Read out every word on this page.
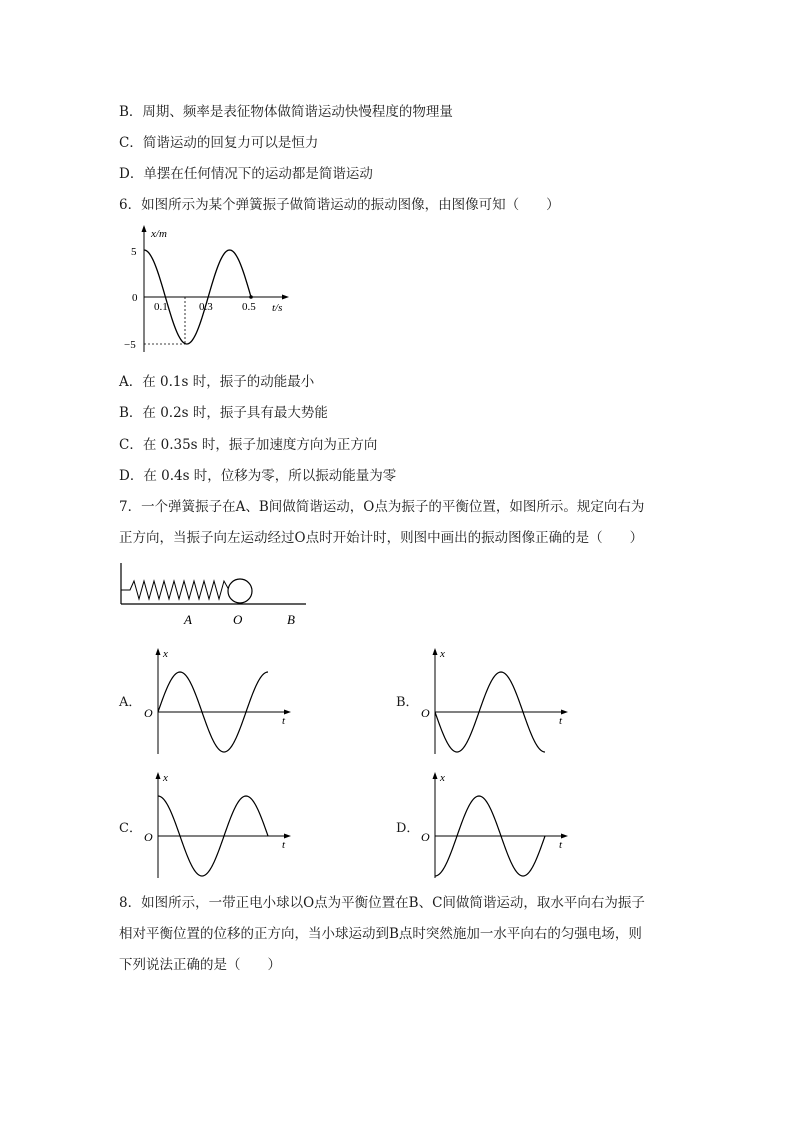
B．周期、频率是表征物体做简谐运动快慢程度的物理量
C．简谐运动的回复力可以是恒力
D．单摆在任何情况下的运动都是简谐运动
6．如图所示为某个弹簧振子做简谐运动的振动图像，由图像可知（　　）
x/m
t/s
5
0
−5
0.1	0.3	0.5
A．在 0.1s 时，振子的动能最小
B．在 0.2s 时，振子具有最大势能
C．在 0.35s 时，振子加速度方向为正方向
D．在 0.4s 时，位移为零，所以振动能量为零
7．一个弹簧振子在A、B间做简谐运动，O点为振子的平衡位置，如图所示。规定向右为
正方向，当振子向左运动经过O点时开始计时，则图中画出的振动图像正确的是（　　）
A	O	B
A．	B．
C．	D．
x
t
O
x
t
O
x
t
O
x
t
O
8．如图所示，一带正电小球以O点为平衡位置在B、C间做简谐运动，取水平向右为振子
相对平衡位置的位移的正方向，当小球运动到B点时突然施加一水平向右的匀强电场，则
下列说法正确的是（　　）
